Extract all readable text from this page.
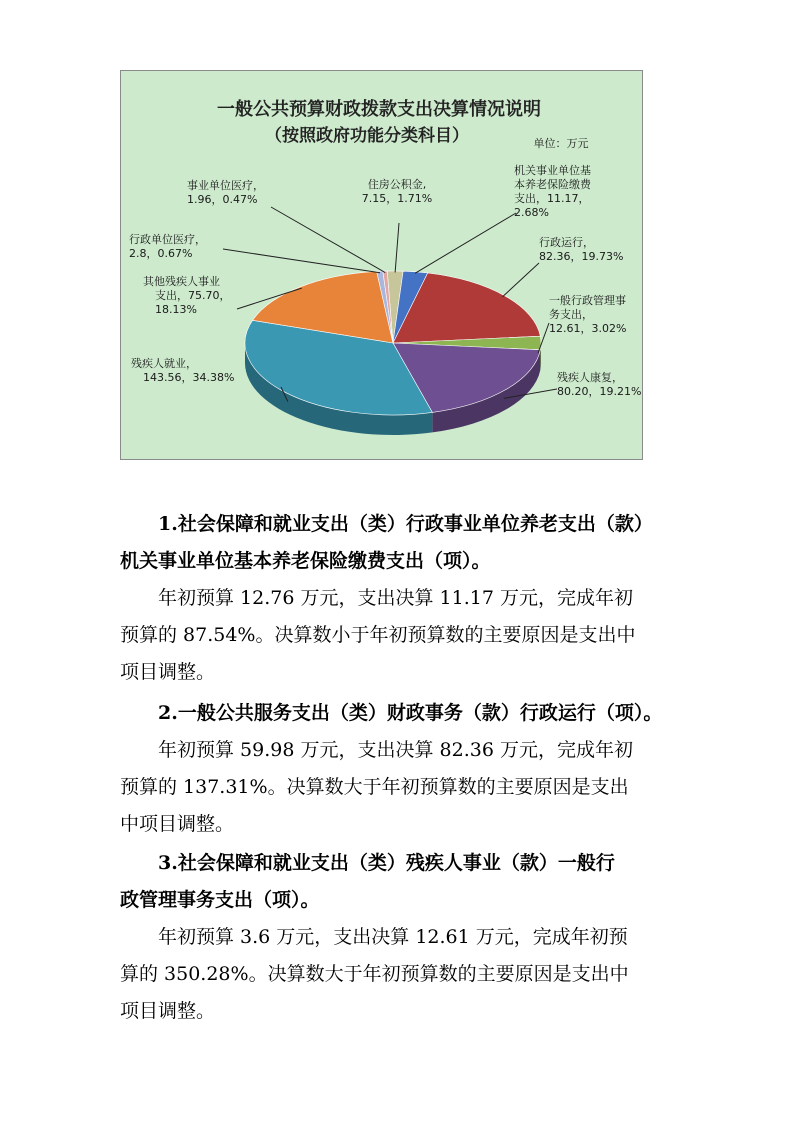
一般公共预算财政拨款支出决算情况说明
（按照政府功能分类科目）	单位：万元
住房公积金, 7.15，1.71%
机关事业单位基本养老保险缴费支出，11.17， 2.68%
行政运行， 82.36，19.73%
一般行政管理事务支出， 12.61，3.02%
残疾人康复， 80.20，19.21%
残疾人就业， 143.56，34.38%
其他残疾人事业支出，75.70， 18.13%
行政单位医疗， 2.8，0.67%
事业单位医疗， 1.96，0.47%

1.社会保障和就业支出（类）行政事业单位养老支出（款）

机关事业单位基本养老保险缴费支出（项）。

年初预算 12.76 万元，支出决算 11.17 万元，完成年初

预算的 87.54%。决算数小于年初预算数的主要原因是支出中

项目调整。

2.一般公共服务支出（类）财政事务（款）行政运行（项）。

年初预算 59.98 万元，支出决算 82.36 万元，完成年初

预算的 137.31%。决算数大于年初预算数的主要原因是支出

中项目调整。

3.社会保障和就业支出（类）残疾人事业（款）一般行

政管理事务支出（项）。

年初预算 3.6 万元，支出决算 12.61 万元，完成年初预

算的 350.28%。决算数大于年初预算数的主要原因是支出中

项目调整。
